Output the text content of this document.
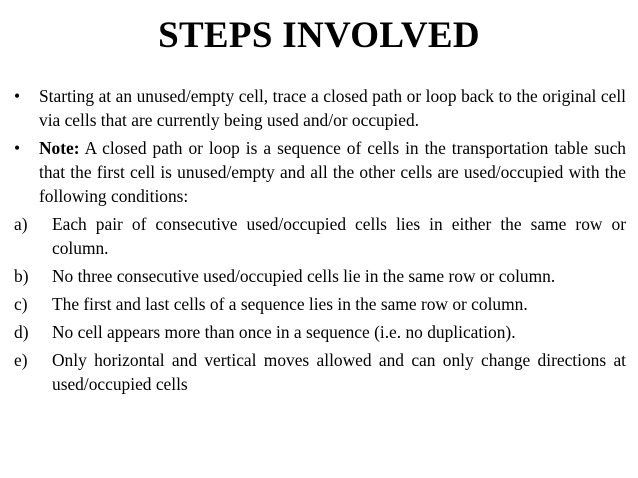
STEPS INVOLVED
•	Starting at an unused/empty cell, trace a closed path or loop back to the original cell via cells that are currently being used and/or occupied.
•	Note: A closed path or loop is a sequence of cells in the transportation table such that the first cell is unused/empty and all the other cells are used/occupied with the following conditions:
a)	Each pair of consecutive used/occupied cells lies in either the same row or column.
b)	No three consecutive used/occupied cells lie in the same row or column.
c)	The first and last cells of a sequence lies in the same row or column.
d)	No cell appears more than once in a sequence (i.e. no duplication).
e)	Only horizontal and vertical moves allowed and can only change directions at used/occupied cells
